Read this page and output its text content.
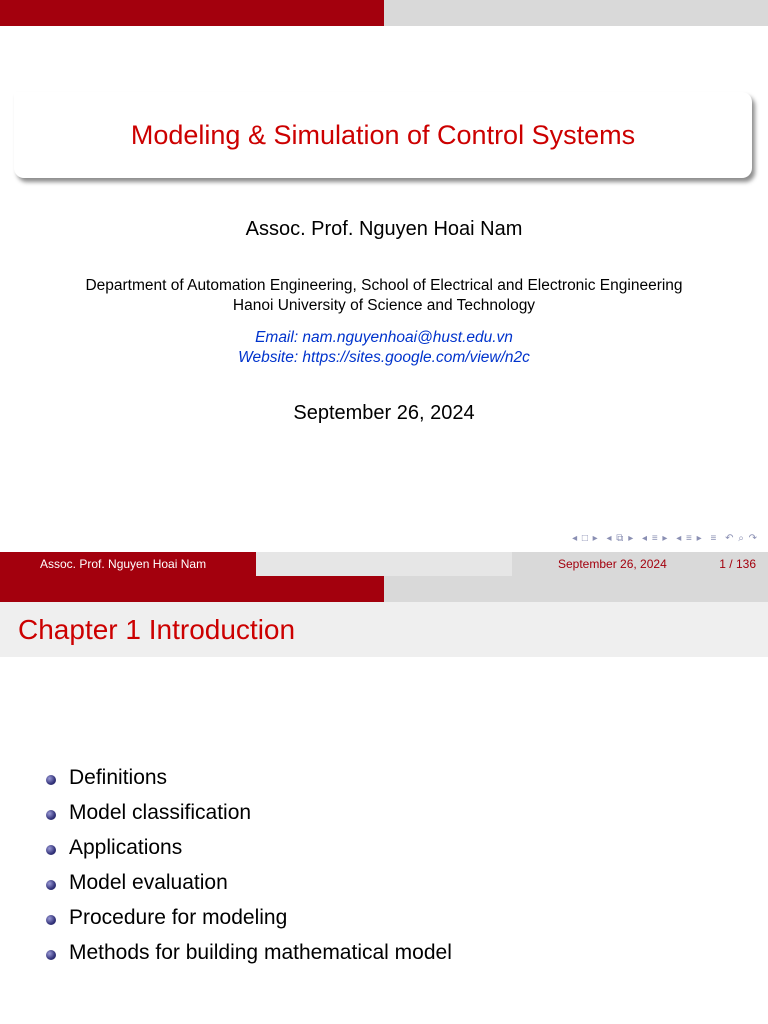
Modeling & Simulation of Control Systems
Assoc. Prof. Nguyen Hoai Nam
Department of Automation Engineering, School of Electrical and Electronic Engineering
Hanoi University of Science and Technology
Email: nam.nguyenhoai@hust.edu.vn
Website: https://sites.google.com/view/n2c
September 26, 2024
◂ □ ▸ ◂ ⧉ ▸ ◂ ≡ ▸ ◂ ≡ ▸ ≡ ↶ ⌕ ↷
Assoc. Prof. Nguyen Hoai Nam	September 26, 2024	1 / 136
Chapter 1 Introduction
Definitions
Model classification
Applications
Model evaluation
Procedure for modeling
Methods for building mathematical model
